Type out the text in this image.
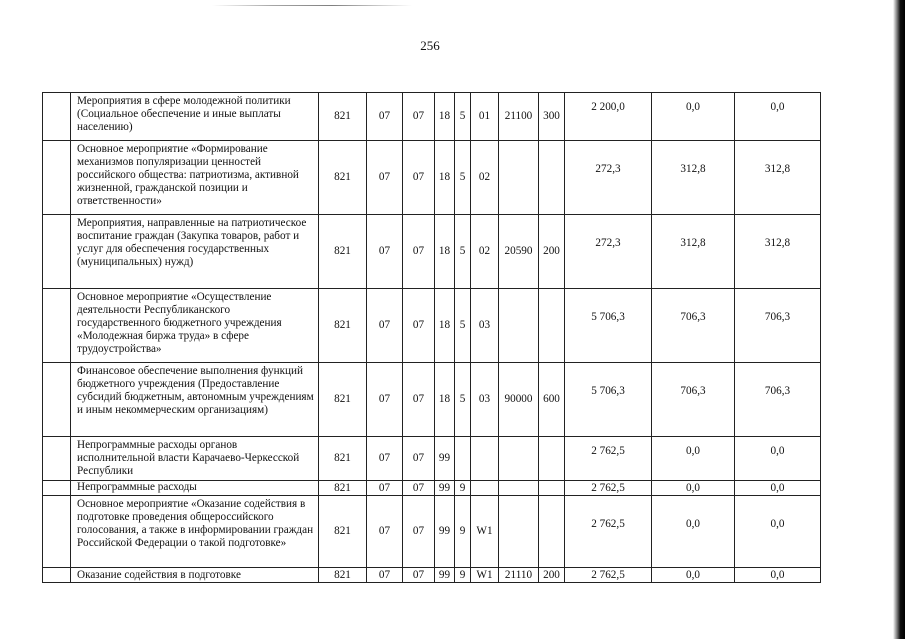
256
	Мероприятия в сфере молодежной политики (Социальное обеспечение и иные выплаты населению)	821	07	07	18	5	01	21100	300	2 200,0	0,0	0,0
	Основное мероприятие «Формирование механизмов популяризации ценностей российского общества: патриотизма, активной жизненной, гражданской позиции и ответственности»	821	07	07	18	5	02			272,3	312,8	312,8
	Мероприятия, направленные на патриотическое воспитание граждан (Закупка товаров, работ и услуг для обеспечения государственных (муниципальных) нужд)	821	07	07	18	5	02	20590	200	272,3	312,8	312,8
	Основное мероприятие «Осуществление деятельности Республиканского государственного бюджетного учреждения «Молодежная биржа труда» в сфере трудоустройства»	821	07	07	18	5	03			5 706,3	706,3	706,3
	Финансовое обеспечение выполнения функций бюджетного учреждения (Предоставление субсидий бюджетным, автономным учреждениям и иным некоммерческим организациям)	821	07	07	18	5	03	90000	600	5 706,3	706,3	706,3
	Непрограммные расходы органов исполнительной власти Карачаево-Черкесской Республики	821	07	07	99					2 762,5	0,0	0,0
	Непрограммные расходы	821	07	07	99	9				2 762,5	0,0	0,0
	Основное мероприятие «Оказание содействия в подготовке проведения общероссийского голосования, а также в информировании граждан Российской Федерации о такой подготовке»	821	07	07	99	9	W1			2 762,5	0,0	0,0
	Оказание содействия в подготовке	821	07	07	99	9	W1	21110	200	2 762,5	0,0	0,0
